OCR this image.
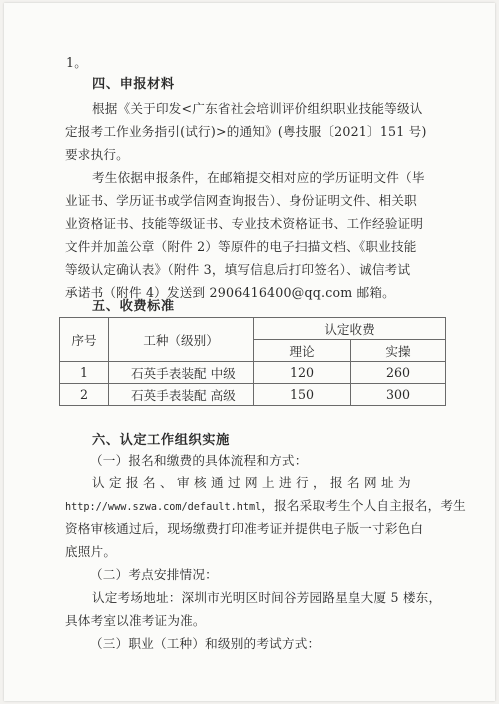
1。
四、申报材料
根据《关于印发<广东省社会培训评价组织职业技能等级认
定报考工作业务指引(试行)>的通知》(粤技服〔2021〕151 号)
要求执行。
考生依据申报条件，在邮箱提交相对应的学历证明文件（毕
业证书、学历证书或学信网查询报告）、身份证明文件、相关职
业资格证书、技能等级证书、专业技术资格证书、工作经验证明
文件并加盖公章（附件 2）等原件的电子扫描文档、《职业技能
等级认定确认表》（附件 3，填写信息后打印签名）、诚信考试
承诺书（附件 4）发送到 2906416400@qq.com 邮箱。
五、收费标准
序号	工种（级别）	认定收费	
		理论	实操
1	石英手表装配 中级	120	260
2	石英手表装配 高级	150	300
六、认定工作组织实施
（一）报名和缴费的具体流程和方式：
认 定 报 名 、 审 核 通 过 网 上 进 行 ， 报 名 网 址 为
http://www.szwa.com/default.html，报名采取考生个人自主报名，考生
资格审核通过后，现场缴费打印准考证并提供电子版一寸彩色白
底照片。
（二）考点安排情况：
认定考场地址：深圳市光明区时间谷芳园路星皇大厦 5 楼东，
具体考室以准考证为准。
（三）职业（工种）和级别的考试方式：
